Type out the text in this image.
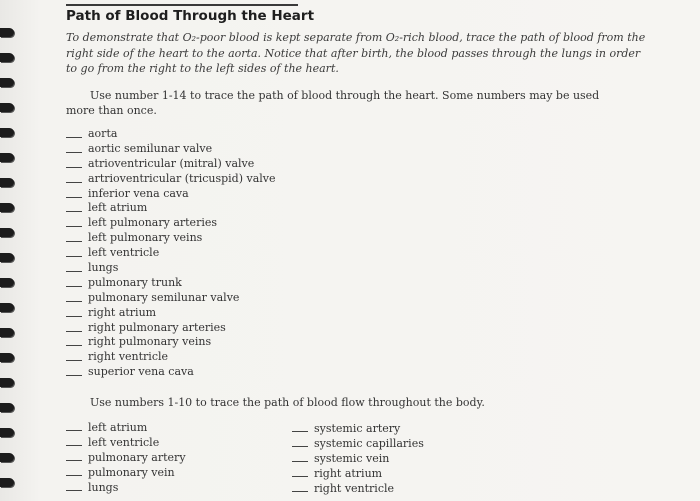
Path of Blood Through the Heart
To demonstrate that O₂-poor blood is kept separate from O₂-rich blood, trace the path of blood from the right side of the heart to the aorta. Notice that after birth, the blood passes through the lungs in order to go from the right to the left sides of the heart.
Use number 1-14 to trace the path of blood through the heart. Some numbers may be used more than once.
aorta
aortic semilunar valve
atrioventricular (mitral) valve
artrioventricular (tricuspid) valve
inferior vena cava
left atrium
left pulmonary arteries
left pulmonary veins
left ventricle
lungs
pulmonary trunk
pulmonary semilunar valve
right atrium
right pulmonary arteries
right pulmonary veins
right ventricle
superior vena cava
Use numbers 1-10 to trace the path of blood flow throughout the body.
left atrium
left ventricle
pulmonary artery
pulmonary vein
lungs
systemic artery
systemic capillaries
systemic vein
right atrium
right ventricle
